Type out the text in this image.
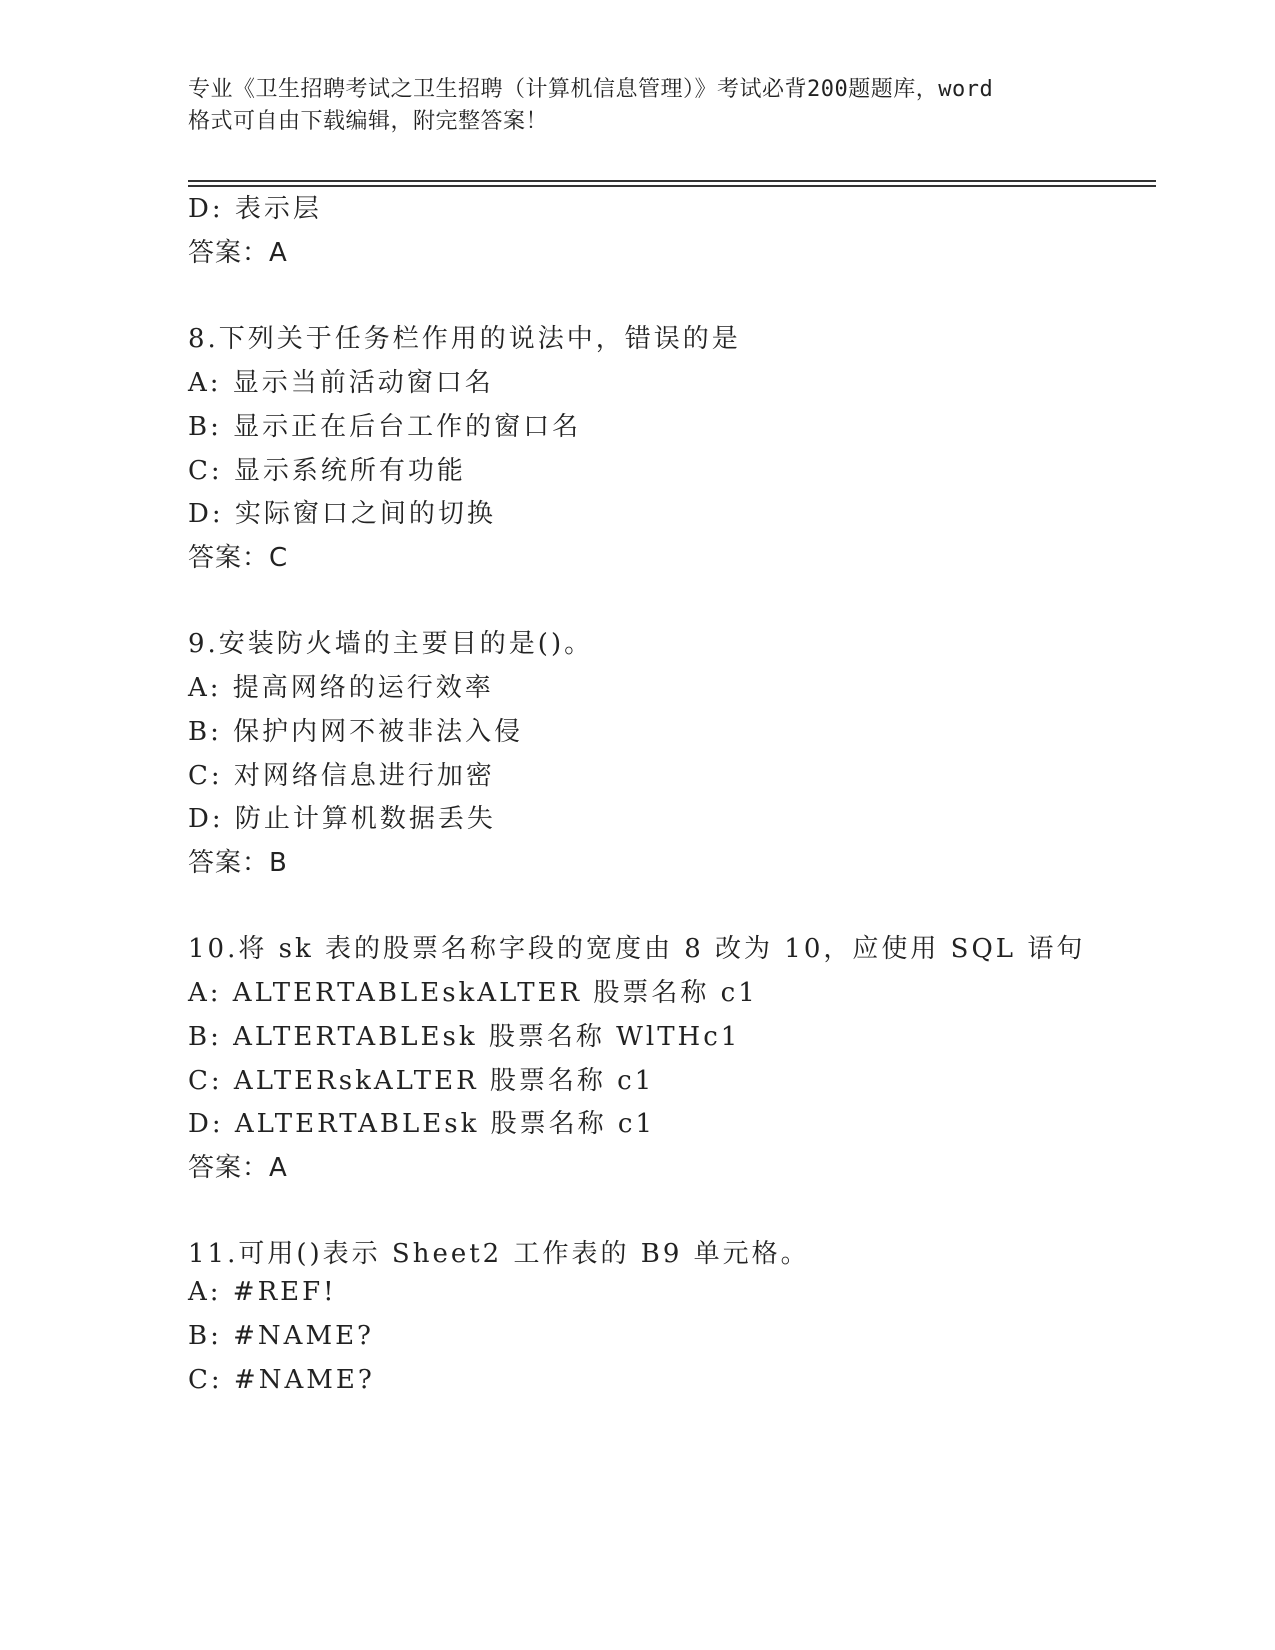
专业《卫生招聘考试之卫生招聘（计算机信息管理）》考试必背200题题库，word
格式可自由下载编辑，附完整答案！
D: 表示层
答案：A
8.下列关于任务栏作用的说法中，错误的是
A: 显示当前活动窗口名
B: 显示正在后台工作的窗口名
C: 显示系统所有功能
D: 实际窗口之间的切换
答案：C
9.安装防火墙的主要目的是()。
A: 提高网络的运行效率
B: 保护内网不被非法入侵
C: 对网络信息进行加密
D: 防止计算机数据丢失
答案：B
10.将 sk 表的股票名称字段的宽度由 8 改为 10，应使用 SQL 语句
A: ALTERTABLEskALTER 股票名称 c1
B: ALTERTABLEsk 股票名称 WlTHc1
C: ALTERskALTER 股票名称 c1
D: ALTERTABLEsk 股票名称 c1
答案：A
11.可用()表示 Sheet2 工作表的 B9 单元格。
A: #REF!
B: #NAME?
C: #NAME?
